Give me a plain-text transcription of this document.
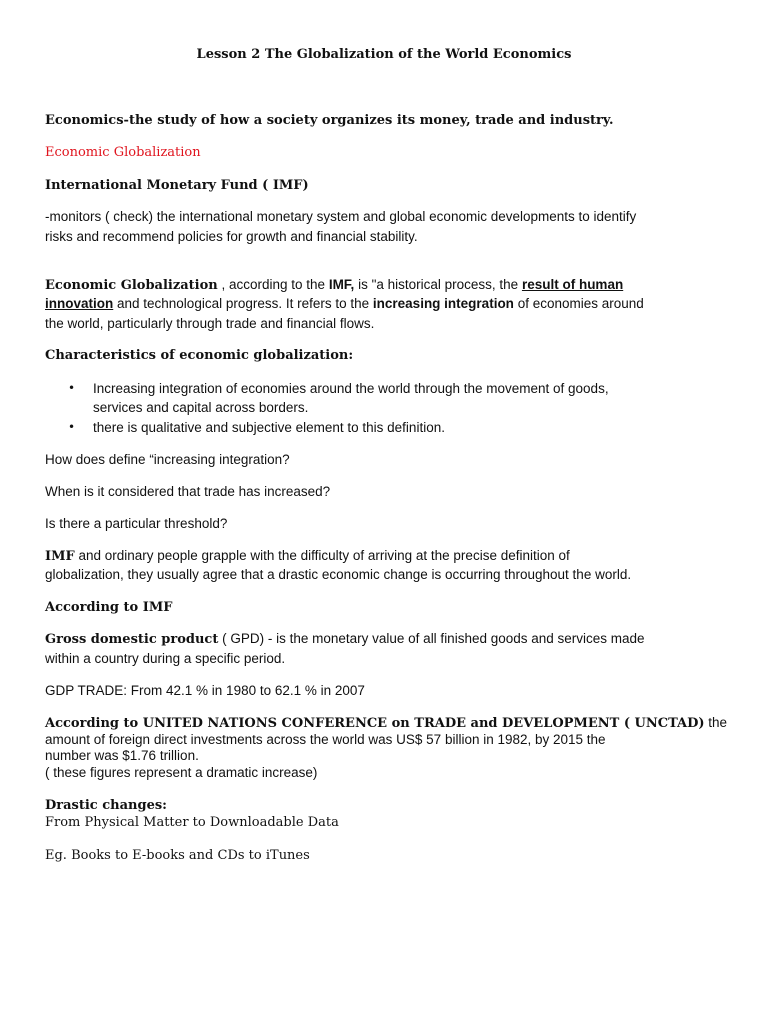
Lesson 2 The Globalization of the World Economics
Economics-the study of how a society organizes its money, trade and industry.
Economic Globalization
International Monetary Fund ( IMF)
-monitors ( check) the international monetary system and global economic developments to identify
risks and recommend policies for growth and financial stability.
Economic Globalization , according to the IMF, is "a historical process, the result of human
innovation and technological progress. It refers to the increasing integration of economies around
the world, particularly through trade and financial flows.
Characteristics of economic globalization:
• Increasing integration of economies around the world through the movement of goods,
services and capital across borders.
• there is qualitative and subjective element to this definition.
How does define “increasing integration?
When is it considered that trade has increased?
Is there a particular threshold?
IMF and ordinary people grapple with the difficulty of arriving at the precise definition of
globalization, they usually agree that a drastic economic change is occurring throughout the world.
According to IMF
Gross domestic product ( GPD) - is the monetary value of all finished goods and services made
within a country during a specific period.
GDP TRADE: From 42.1 % in 1980 to 62.1 % in 2007
According to UNITED NATIONS CONFERENCE on TRADE and DEVELOPMENT ( UNCTAD) the
amount of foreign direct investments across the world was US$ 57 billion in 1982, by 2015 the
number was $1.76 trillion.
( these figures represent a dramatic increase)
Drastic changes:
From Physical Matter to Downloadable Data
Eg. Books to E-books and CDs to iTunes
